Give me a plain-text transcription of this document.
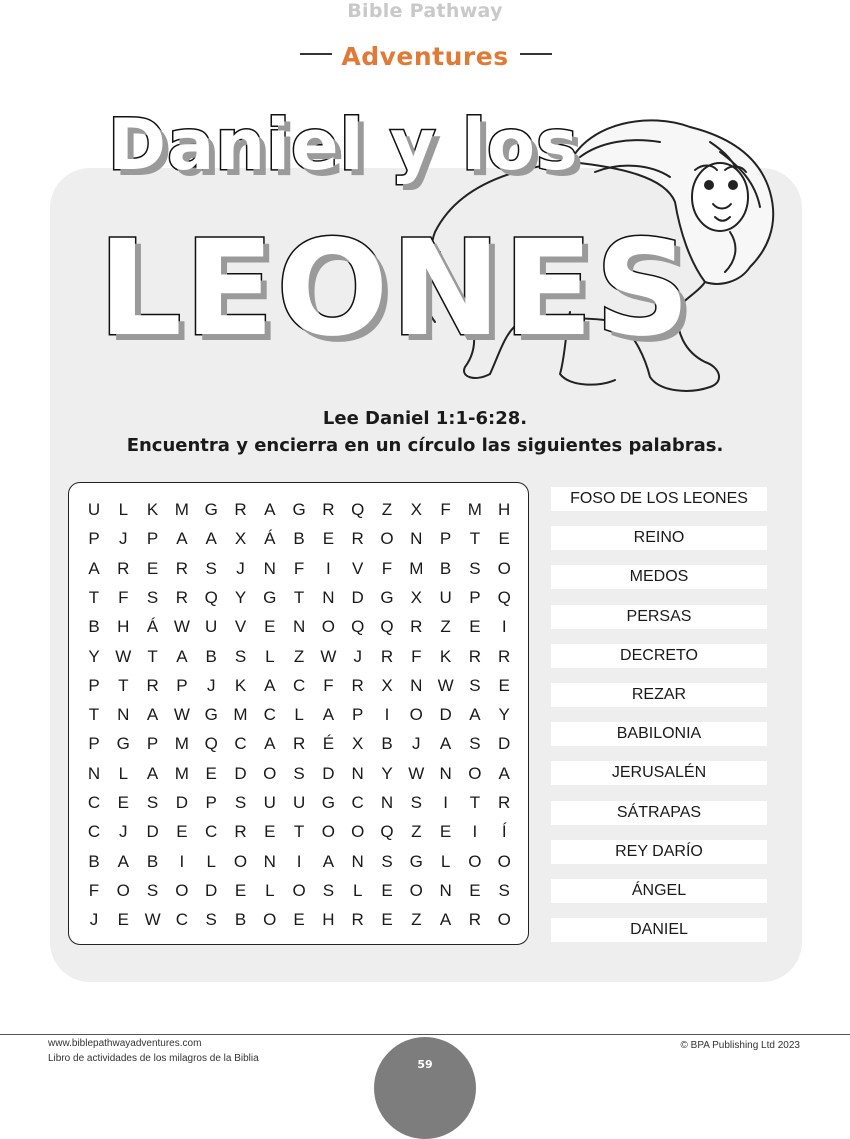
Bible Pathway
Adventures
Daniel y los
LEONES
Lee Daniel 1:1-6:28.
Encuentra y encierra en un círculo las siguientes palabras.
U	L	K M G R	A	G R Q	Z	X	F	M H
P	J	P	A	A	X	Á	B	E	R O N	P	T	E
A	R	E	R	S	J	N	F	I	V	F	M B	S	O
T	F	S	R Q	Y	G	T	N	D G	X	U	P	Q
B	H	Á W U	V	E	N O Q Q R	Z	E	I
Y W T	A	B	S	L	Z W	J	R	F	K	R	R
P	T	R	P	J	K	A	C	F	R	X	N W S	E
T	N	A W G M C	L	A	P	I	O D	A	Y
P	G	P M Q C	A	R	É	X	B	J	A	S	D
N	L	A M E	D O	S	D	N	Y W N O	A
C	E	S	D	P	S	U	U G C	N	S	I	T	R
C	J	D	E	C	R	E	T	O O Q	Z	E	I	Í
B	A	B	I	L	O N	I	A	N	S	G	L	O O
F	O	S	O D	E	L	O	S	L	E	O N	E	S
J	E W C	S	B	O	E	H	R	E	Z	A	R O
FOSO DE LOS LEONES
REINO
MEDOS
PERSAS
DECRETO
REZAR
BABILONIA
JERUSALÉN
SÁTRAPAS
REY DARÍO
ÁNGEL
DANIEL
www.biblepathwayadventures.com
Libro de actividades de los milagros de la Biblia
© BPA Publishing Ltd 2023
59
